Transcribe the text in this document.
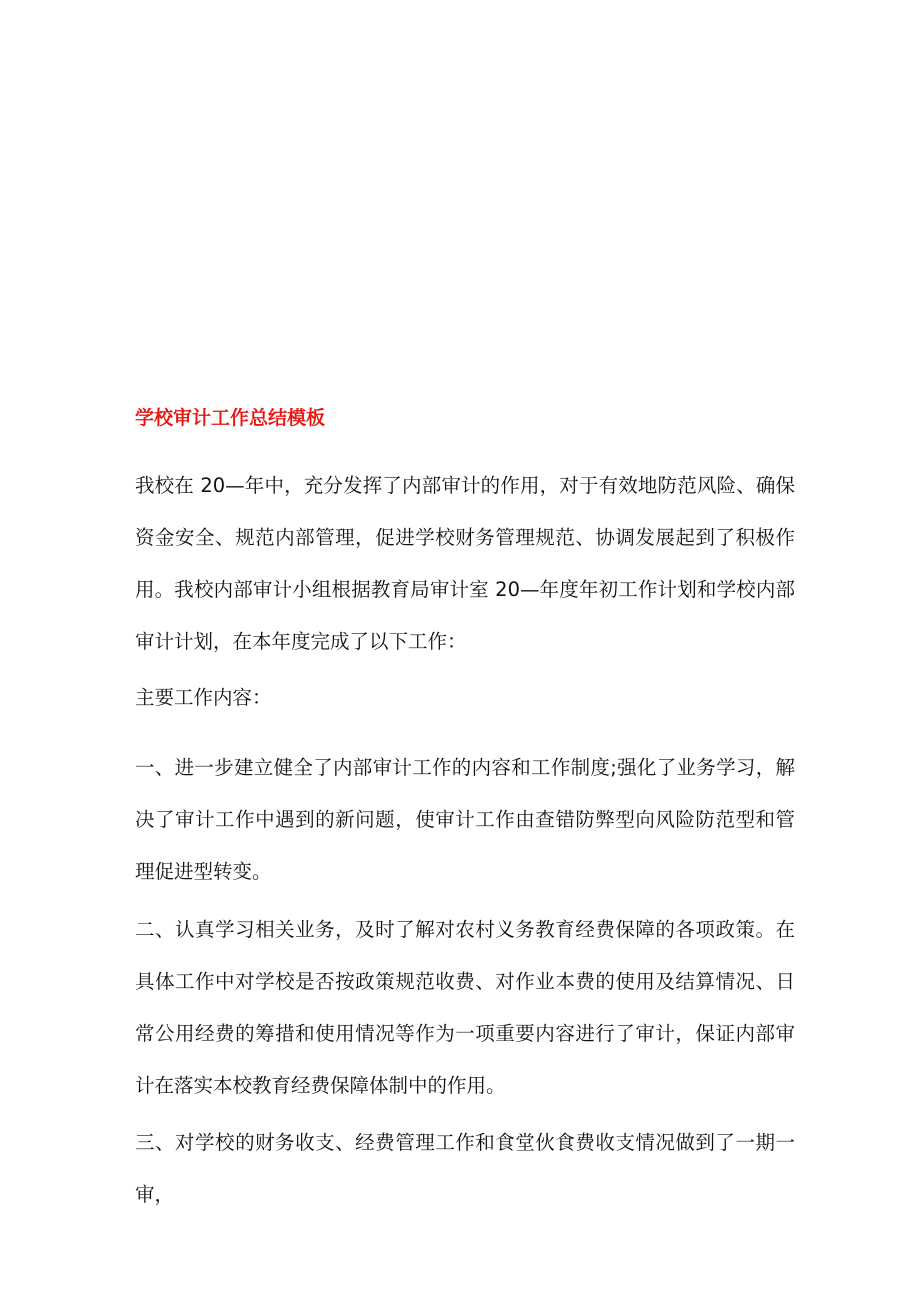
学校审计工作总结模板

我校在 20—年中，充分发挥了内部审计的作用，对于有效地防范风险、确保资金安全、规范内部管理，促进学校财务管理规范、协调发展起到了积极作用。我校内部审计小组根据教育局审计室 20—年度年初工作计划和学校内部审计计划，在本年度完成了以下工作：

主要工作内容：

一、进一步建立健全了内部审计工作的内容和工作制度;强化了业务学习，解决了审计工作中遇到的新问题，使审计工作由查错防弊型向风险防范型和管理促进型转变。

二、认真学习相关业务，及时了解对农村义务教育经费保障的各项政策。在具体工作中对学校是否按政策规范收费、对作业本费的使用及结算情况、日常公用经费的筹措和使用情况等作为一项重要内容进行了审计，保证内部审计在落实本校教育经费保障体制中的作用。

三、对学校的财务收支、经费管理工作和食堂伙食费收支情况做到了一期一审，
